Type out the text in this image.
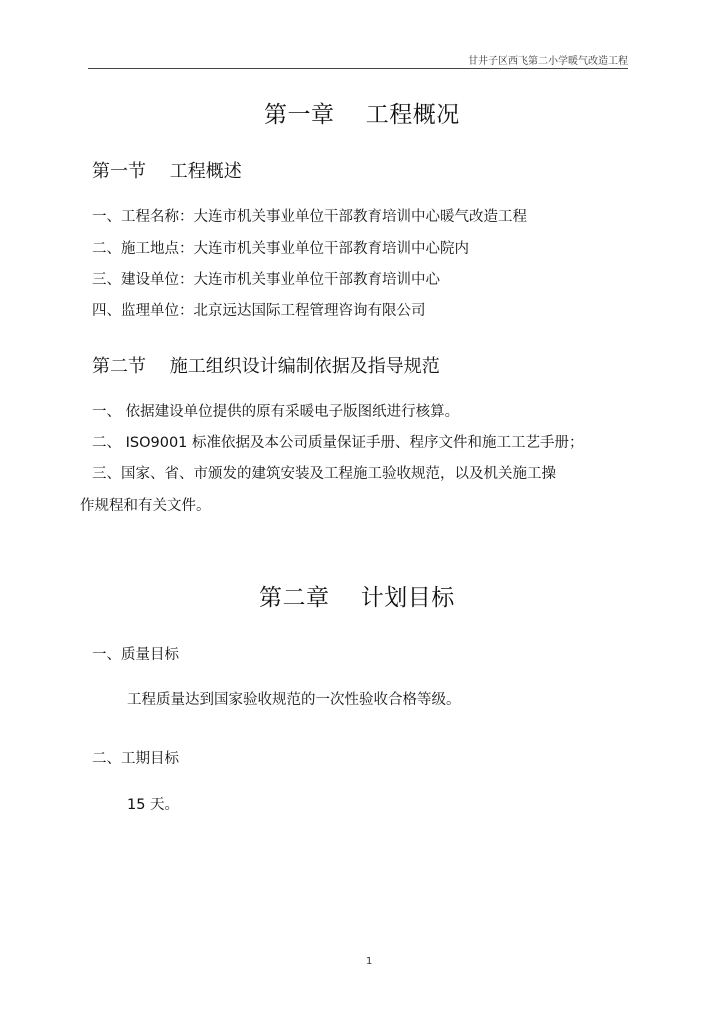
甘井子区西飞第二小学暖气改造工程
第一章　 工程概况
第一节　 工程概述
一、工程名称：大连市机关事业单位干部教育培训中心暖气改造工程
二、施工地点：大连市机关事业单位干部教育培训中心院内
三、建设单位：大连市机关事业单位干部教育培训中心
四、监理单位：北京远达国际工程管理咨询有限公司
第二节　 施工组织设计编制依据及指导规范
一、 依据建设单位提供的原有采暖电子版图纸进行核算。
二、 ISO9001 标准依据及本公司质量保证手册、程序文件和施工工艺手册；
三、国家、省、市颁发的建筑安装及工程施工验收规范，以及机关施工操
作规程和有关文件。
第二章　 计划目标
一、质量目标
工程质量达到国家验收规范的一次性验收合格等级。
二、工期目标
15 天。
1
